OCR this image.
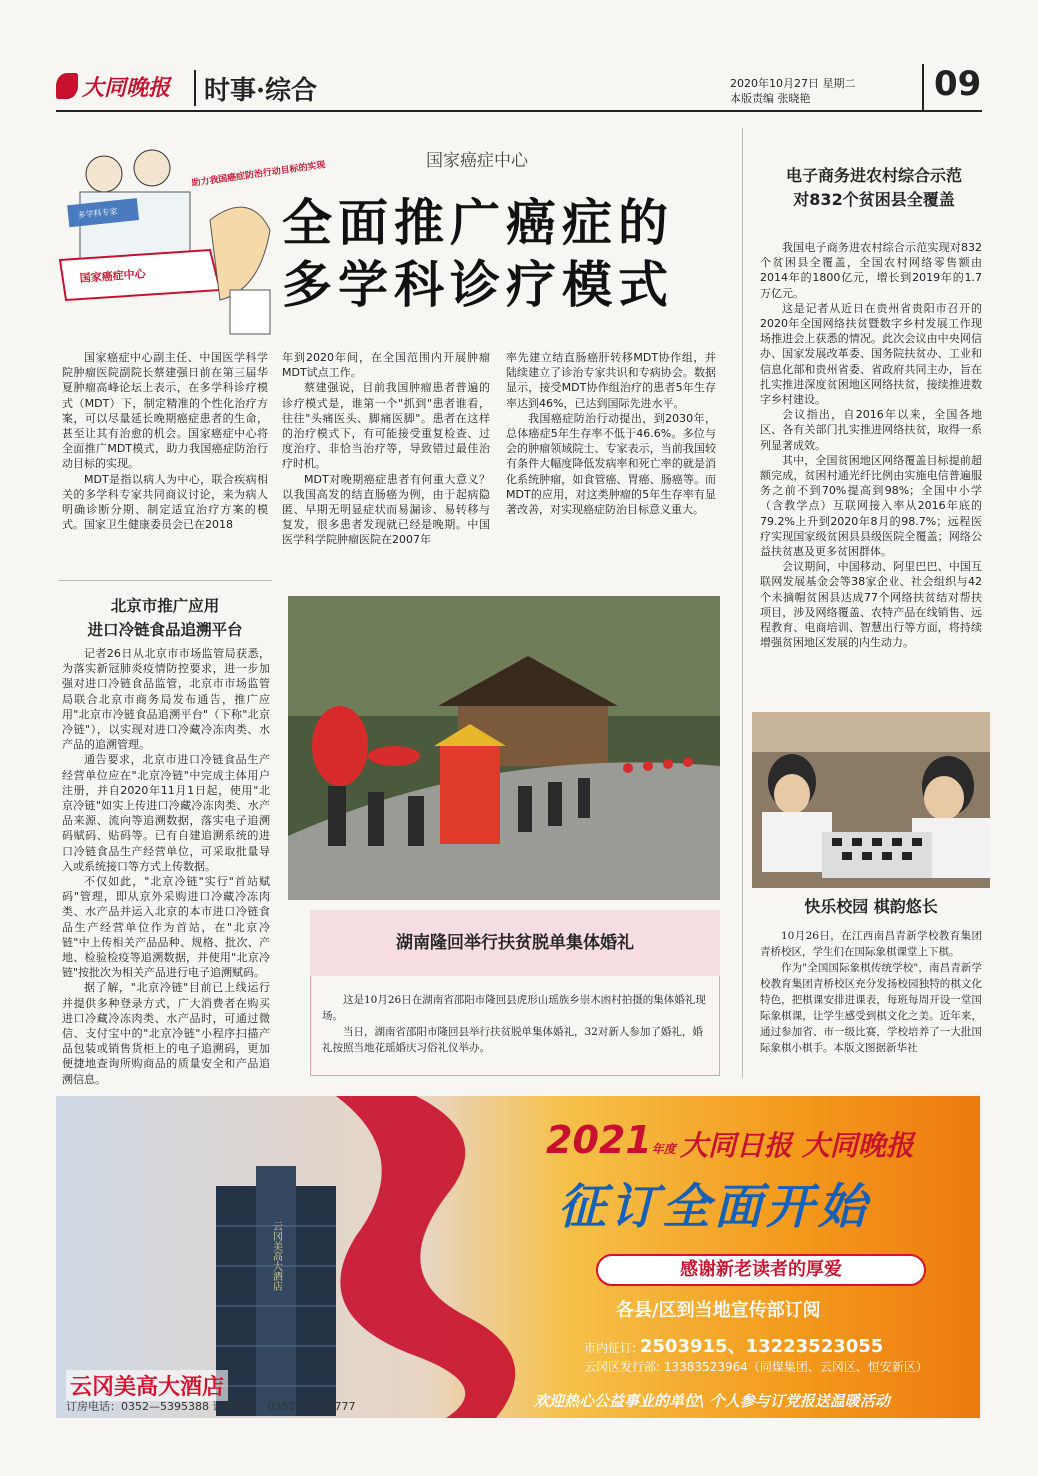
大同晚报 时事·综合	2020年10月27日 星期二
本版责编 张晓艳	09
国家癌症中心
助力我国癌症防治行动目标的实现
多学科专家
国家癌症中心
全面推广癌症的
多学科诊疗模式

国家癌症中心副主任、中国医学科学院肿瘤医院副院长蔡建强日前在第三届华夏肿瘤高峰论坛上表示，在多学科诊疗模式（MDT）下，制定精准的个性化治疗方案，可以尽量延长晚期癌症患者的生命，甚至让其有治愈的机会。国家癌症中心将全面推广MDT模式，助力我国癌症防治行动目标的实现。

MDT是指以病人为中心，联合疾病相关的多学科专家共同商议讨论，来为病人明确诊断分期、制定适宜治疗方案的模式。国家卫生健康委员会已在2018

年到2020年间，在全国范围内开展肿瘤MDT试点工作。

蔡建强说，目前我国肿瘤患者普遍的诊疗模式是，谁第一个"抓到"患者谁看，往往"头痛医头、脚痛医脚"。患者在这样的治疗模式下，有可能接受重复检查、过度治疗、非恰当治疗等，导致错过最佳治疗时机。

MDT对晚期癌症患者有何重大意义？以我国高发的结直肠癌为例，由于起病隐匿、早期无明显症状而易漏诊、易转移与复发，很多患者发现就已经是晚期。中国医学科学院肿瘤医院在2007年

率先建立结直肠癌肝转移MDT协作组，并陆续建立了诊治专家共识和专病协会。数据显示，接受MDT协作组治疗的患者5年生存率达到46%，已达到国际先进水平。

我国癌症防治行动提出，到2030年，总体癌症5年生存率不低于46.6%。多位与会的肿瘤领域院士、专家表示，当前我国较有条件大幅度降低发病率和死亡率的就是消化系统肿瘤，如食管癌、胃癌、肠癌等。而MDT的应用，对这类肿瘤的5年生存率有显著改善，对实现癌症防治目标意义重大。

电子商务进农村综合示范
对832个贫困县全覆盖

我国电子商务进农村综合示范实现对832个贫困县全覆盖，全国农村网络零售额由2014年的1800亿元，增长到2019年的1.7万亿元。

这是记者从近日在贵州省贵阳市召开的2020年全国网络扶贫暨数字乡村发展工作现场推进会上获悉的情况。此次会议由中央网信办、国家发展改革委、国务院扶贫办、工业和信息化部和贵州省委、省政府共同主办，旨在扎实推进深度贫困地区网络扶贫，接续推进数字乡村建设。

会议指出，自2016年以来，全国各地区、各有关部门扎实推进网络扶贫，取得一系列显著成效。

其中，全国贫困地区网络覆盖目标提前超额完成，贫困村通光纤比例由实施电信普遍服务之前不到70%提高到98%；全国中小学（含教学点）互联网接入率从2016年底的79.2%上升到2020年8月的98.7%；远程医疗实现国家级贫困县县级医院全覆盖；网络公益扶贫惠及更多贫困群体。

会议期间，中国移动、阿里巴巴、中国互联网发展基金会等38家企业、社会组织与42个未摘帽贫困县达成77个网络扶贫结对帮扶项目，涉及网络覆盖、农特产品在线销售、远程教育、电商培训、智慧出行等方面，将持续增强贫困地区发展的内生动力。

快乐校园 棋韵悠长

10月26日，在江西南昌青新学校教育集团青桥校区，学生们在国际象棋课堂上下棋。

作为"全国国际象棋传统学校"，南昌青新学校教育集团青桥校区充分发扬校园独特的棋文化特色，把棋课安排进课表，每班每周开设一堂国际象棋课，让学生感受到棋文化之美。近年来，通过参加省、市一级比赛，学校培养了一大批国际象棋小棋手。本版文图据新华社

北京市推广应用
进口冷链食品追溯平台

记者26日从北京市市场监管局获悉，为落实新冠肺炎疫情防控要求，进一步加强对进口冷链食品监管，北京市市场监管局联合北京市商务局发布通告，推广应用"北京市冷链食品追溯平台"（下称"北京冷链"），以实现对进口冷藏冷冻肉类、水产品的追溯管理。

通告要求，北京市进口冷链食品生产经营单位应在"北京冷链"中完成主体用户注册，并自2020年11月1日起，使用"北京冷链"如实上传进口冷藏冷冻肉类、水产品来源、流向等追溯数据，落实电子追溯码赋码、贴码等。已有自建追溯系统的进口冷链食品生产经营单位，可采取批量导入或系统接口等方式上传数据。

不仅如此，"北京冷链"实行"首站赋码"管理，即从京外采购进口冷藏冷冻肉类、水产品并运入北京的本市进口冷链食品生产经营单位作为首站，在"北京冷链"中上传相关产品品种、规格、批次、产地、检验检疫等追溯数据，并使用"北京冷链"按批次为相关产品进行电子追溯赋码。

据了解，"北京冷链"目前已上线运行并提供多种登录方式，广大消费者在购买进口冷藏冷冻肉类、水产品时，可通过微信、支付宝中的"北京冷链"小程序扫描产品包装或销售货柜上的电子追溯码，更加便捷地查询所购商品的质量安全和产品追溯信息。

湖南隆回举行扶贫脱单集体婚礼

这是10月26日在湖南省邵阳市隆回县虎形山瑶族乡崇木凼村拍摄的集体婚礼现场。

当日，湖南省邵阳市隆回县举行扶贫脱单集体婚礼，32对新人参加了婚礼，婚礼按照当地花瑶婚庆习俗礼仪举办。

云冈美高大酒店
2021年度 大同日报 大同晚报
征订全面开始
感谢新老读者的厚爱
各县/区到当地宣传部订阅
市内征订: 2503915、13223523055
云冈区发行部: 13383523964（同煤集团、云冈区、恒安新区）
欢迎热心公益事业的单位\ 个人参与订党报送温暖活动
云冈美高大酒店
订房电话：0352—5395388 订餐电话：0352—5322777
